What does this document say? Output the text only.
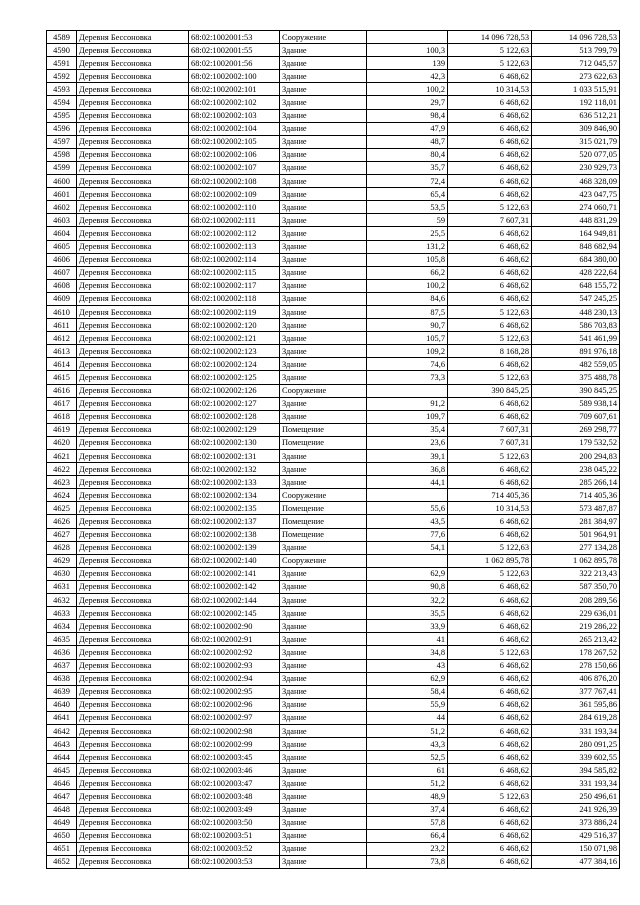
4589	Деревня Бессоновка	68:02:1002001:53	Сооружение		14 096 728,53	14 096 728,53
4590	Деревня Бессоновка	68:02:1002001:55	Здание	100,3	5 122,63	513 799,79
4591	Деревня Бессоновка	68:02:1002001:56	Здание	139	5 122,63	712 045,57
4592	Деревня Бессоновка	68:02:1002002:100	Здание	42,3	6 468,62	273 622,63
4593	Деревня Бессоновка	68:02:1002002:101	Здание	100,2	10 314,53	1 033 515,91
4594	Деревня Бессоновка	68:02:1002002:102	Здание	29,7	6 468,62	192 118,01
4595	Деревня Бессоновка	68:02:1002002:103	Здание	98,4	6 468,62	636 512,21
4596	Деревня Бессоновка	68:02:1002002:104	Здание	47,9	6 468,62	309 846,90
4597	Деревня Бессоновка	68:02:1002002:105	Здание	48,7	6 468,62	315 021,79
4598	Деревня Бессоновка	68:02:1002002:106	Здание	80,4	6 468,62	520 077,05
4599	Деревня Бессоновка	68:02:1002002:107	Здание	35,7	6 468,62	230 929,73
4600	Деревня Бессоновка	68:02:1002002:108	Здание	72,4	6 468,62	468 328,09
4601	Деревня Бессоновка	68:02:1002002:109	Здание	65,4	6 468,62	423 047,75
4602	Деревня Бессоновка	68:02:1002002:110	Здание	53,5	5 122,63	274 060,71
4603	Деревня Бессоновка	68:02:1002002:111	Здание	59	7 607,31	448 831,29
4604	Деревня Бессоновка	68:02:1002002:112	Здание	25,5	6 468,62	164 949,81
4605	Деревня Бессоновка	68:02:1002002:113	Здание	131,2	6 468,62	848 682,94
4606	Деревня Бессоновка	68:02:1002002:114	Здание	105,8	6 468,62	684 380,00
4607	Деревня Бессоновка	68:02:1002002:115	Здание	66,2	6 468,62	428 222,64
4608	Деревня Бессоновка	68:02:1002002:117	Здание	100,2	6 468,62	648 155,72
4609	Деревня Бессоновка	68:02:1002002:118	Здание	84,6	6 468,62	547 245,25
4610	Деревня Бессоновка	68:02:1002002:119	Здание	87,5	5 122,63	448 230,13
4611	Деревня Бессоновка	68:02:1002002:120	Здание	90,7	6 468,62	586 703,83
4612	Деревня Бессоновка	68:02:1002002:121	Здание	105,7	5 122,63	541 461,99
4613	Деревня Бессоновка	68:02:1002002:123	Здание	109,2	8 168,28	891 976,18
4614	Деревня Бессоновка	68:02:1002002:124	Здание	74,6	6 468,62	482 559,05
4615	Деревня Бессоновка	68:02:1002002:125	Здание	73,3	5 122,63	375 488,78
4616	Деревня Бессоновка	68:02:1002002:126	Сооружение		390 845,25	390 845,25
4617	Деревня Бессоновка	68:02:1002002:127	Здание	91,2	6 468,62	589 938,14
4618	Деревня Бессоновка	68:02:1002002:128	Здание	109,7	6 468,62	709 607,61
4619	Деревня Бессоновка	68:02:1002002:129	Помещение	35,4	7 607,31	269 298,77
4620	Деревня Бессоновка	68:02:1002002:130	Помещение	23,6	7 607,31	179 532,52
4621	Деревня Бессоновка	68:02:1002002:131	Здание	39,1	5 122,63	200 294,83
4622	Деревня Бессоновка	68:02:1002002:132	Здание	36,8	6 468,62	238 045,22
4623	Деревня Бессоновка	68:02:1002002:133	Здание	44,1	6 468,62	285 266,14
4624	Деревня Бессоновка	68:02:1002002:134	Сооружение		714 405,36	714 405,36
4625	Деревня Бессоновка	68:02:1002002:135	Помещение	55,6	10 314,53	573 487,87
4626	Деревня Бессоновка	68:02:1002002:137	Помещение	43,5	6 468,62	281 384,97
4627	Деревня Бессоновка	68:02:1002002:138	Помещение	77,6	6 468,62	501 964,91
4628	Деревня Бессоновка	68:02:1002002:139	Здание	54,1	5 122,63	277 134,28
4629	Деревня Бессоновка	68:02:1002002:140	Сооружение		1 062 895,78	1 062 895,78
4630	Деревня Бессоновка	68:02:1002002:141	Здание	62,9	5 122,63	322 213,43
4631	Деревня Бессоновка	68:02:1002002:142	Здание	90,8	6 468,62	587 350,70
4632	Деревня Бессоновка	68:02:1002002:144	Здание	32,2	6 468,62	208 289,56
4633	Деревня Бессоновка	68:02:1002002:145	Здание	35,5	6 468,62	229 636,01
4634	Деревня Бессоновка	68:02:1002002:90	Здание	33,9	6 468,62	219 286,22
4635	Деревня Бессоновка	68:02:1002002:91	Здание	41	6 468,62	265 213,42
4636	Деревня Бессоновка	68:02:1002002:92	Здание	34,8	5 122,63	178 267,52
4637	Деревня Бессоновка	68:02:1002002:93	Здание	43	6 468,62	278 150,66
4638	Деревня Бессоновка	68:02:1002002:94	Здание	62,9	6 468,62	406 876,20
4639	Деревня Бессоновка	68:02:1002002:95	Здание	58,4	6 468,62	377 767,41
4640	Деревня Бессоновка	68:02:1002002:96	Здание	55,9	6 468,62	361 595,86
4641	Деревня Бессоновка	68:02:1002002:97	Здание	44	6 468,62	284 619,28
4642	Деревня Бессоновка	68:02:1002002:98	Здание	51,2	6 468,62	331 193,34
4643	Деревня Бессоновка	68:02:1002002:99	Здание	43,3	6 468,62	280 091,25
4644	Деревня Бессоновка	68:02:1002003:45	Здание	52,5	6 468,62	339 602,55
4645	Деревня Бессоновка	68:02:1002003:46	Здание	61	6 468,62	394 585,82
4646	Деревня Бессоновка	68:02:1002003:47	Здание	51,2	6 468,62	331 193,34
4647	Деревня Бессоновка	68:02:1002003:48	Здание	48,9	5 122,63	250 496,61
4648	Деревня Бессоновка	68:02:1002003:49	Здание	37,4	6 468,62	241 926,39
4649	Деревня Бессоновка	68:02:1002003:50	Здание	57,8	6 468,62	373 886,24
4650	Деревня Бессоновка	68:02:1002003:51	Здание	66,4	6 468,62	429 516,37
4651	Деревня Бессоновка	68:02:1002003:52	Здание	23,2	6 468,62	150 071,98
4652	Деревня Бессоновка	68:02:1002003:53	Здание	73,8	6 468,62	477 384,16
